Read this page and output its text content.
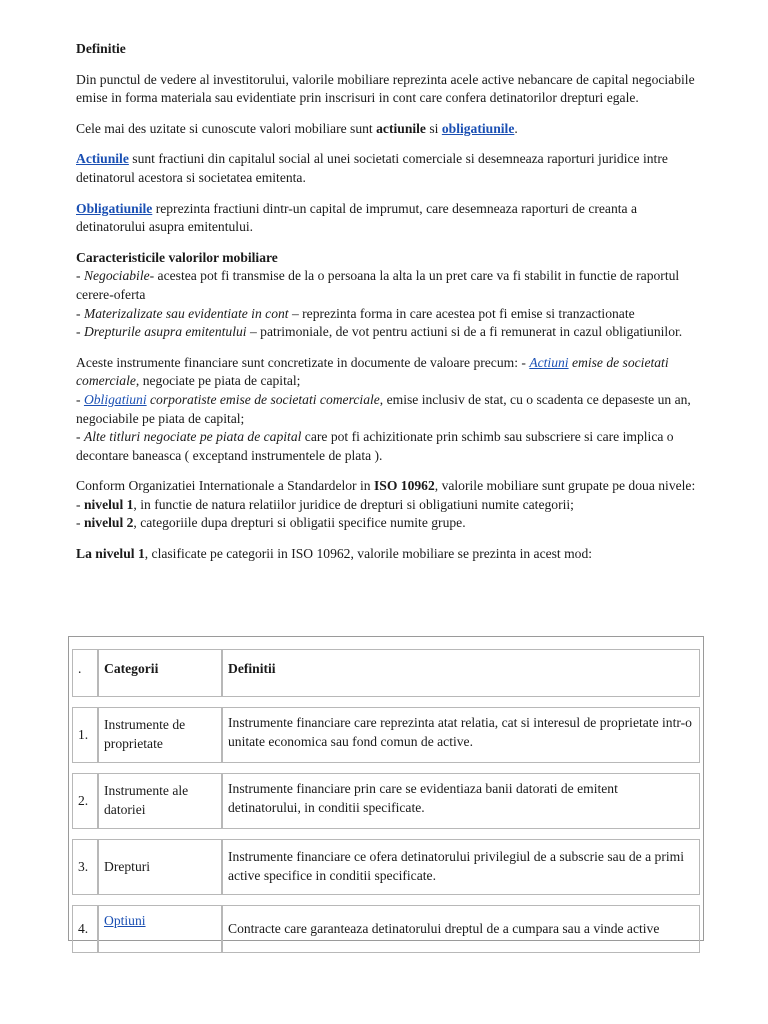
Definitie

Din punctul de vedere al investitorului, valorile mobiliare reprezinta acele active nebancare de capital negociabile emise in forma materiala sau evidentiate prin inscrisuri in cont care confera detinatorilor drepturi egale.

Cele mai des uzitate si cunoscute valori mobiliare sunt actiunile si obligatiunile.

Actiunile sunt fractiuni din capitalul social al unei societati comerciale si desemneaza raporturi juridice intre detinatorul acestora si societatea emitenta.

Obligatiunile reprezinta fractiuni dintr-un capital de imprumut, care desemneaza raporturi de creanta a detinatorului asupra emitentului.

Caracteristicile valorilor mobiliare
- Negociabile- acestea pot fi transmise de la o persoana la alta la un pret care va fi stabilit in functie de raportul cerere-oferta
- Materizalizate sau evidentiate in cont – reprezinta forma in care acestea pot fi emise si tranzactionate
- Drepturile asupra emitentului – patrimoniale, de vot pentru actiuni si de a fi remunerat in cazul obligatiunilor.

Aceste instrumente financiare sunt concretizate in documente de valoare precum: - Actiuni emise de societati comerciale, negociate pe piata de capital;
- Obligatiuni corporatiste emise de societati comerciale, emise inclusiv de stat, cu o scadenta ce depaseste un an, negociabile pe piata de capital;
- Alte titluri negociate pe piata de capital care pot fi achizitionate prin schimb sau subscriere si care implica o decontare baneasca ( exceptand instrumentele de plata ).

Conform Organizatiei Internationale a Standardelor in ISO 10962, valorile mobiliare sunt grupate pe doua nivele:
- nivelul 1, in functie de natura relatiilor juridice de drepturi si obligatiuni numite categorii;
- nivelul 2, categoriile dupa drepturi si obligatii specifice numite grupe.

La nivelul 1, clasificate pe categorii in ISO 10962, valorile mobiliare se prezinta in acest mod:

.	Categorii	Definitii

1.	Instrumente de proprietate	Instrumente financiare care reprezinta atat relatia, cat si interesul de proprietate intr-o unitate economica sau fond comun de active.

2.	Instrumente ale datoriei	Instrumente financiare prin care se evidentiaza banii datorati de emitent detinatorului, in conditii specificate.

3.	Drepturi	Instrumente financiare ce ofera detinatorului privilegiul de a subscrie sau de a primi active specifice in conditii specificate.

4.	Optiuni	Contracte care garanteaza detinatorului dreptul de a cumpara sau a vinde active
